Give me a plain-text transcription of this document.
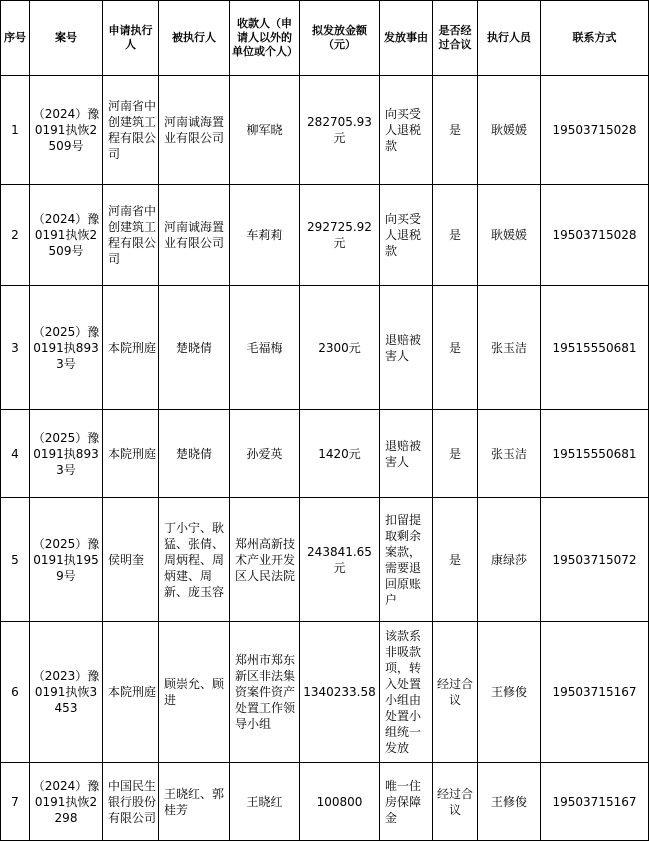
序号	案号	申请执行人	被执行人	收款人（申请人以外的单位或个人）	拟发放金额（元）	发放事由	是否经过合议	执行人员	联系方式
1	（2024）豫0191执恢2509号	河南省中创建筑工程有限公司	河南诚海置业有限公司	柳军晓	282705.93元	向买受人退税款	是	耿媛媛	19503715028
2	（2024）豫0191执恢2509号	河南省中创建筑工程有限公司	河南诚海置业有限公司	车莉莉	292725.92元	向买受人退税款	是	耿媛媛	19503715028
3	（2025）豫0191执8933号	本院刑庭	楚晓倩	毛福梅	2300元	退赔被害人	是	张玉洁	19515550681
4	（2025）豫0191执8933号	本院刑庭	楚晓倩	孙爱英	1420元	退赔被害人	是	张玉洁	19515550681
5	（2025）豫0191执1959号	侯明奎	丁小宁、耿猛、张倩、周炳程、周炳建、周新、庞玉容	郑州高新技术产业开发区人民法院	243841.65元	扣留提取剩余案款，需要退回原账户	是	康绿莎	19503715072
6	（2023）豫0191执恢3453	本院刑庭	顾崇允、顾进	郑州市郑东新区非法集资案件资产处置工作领导小组	1340233.58	该款系非吸款项，转入处置小组由处置小组统一发放	经过合议	王修俊	19503715167
7	（2024）豫0191执恢2298	中国民生银行股份有限公司	王晓红、郭桂芳	王晓红	100800	唯一住房保障金	经过合议	王修俊	19503715167
